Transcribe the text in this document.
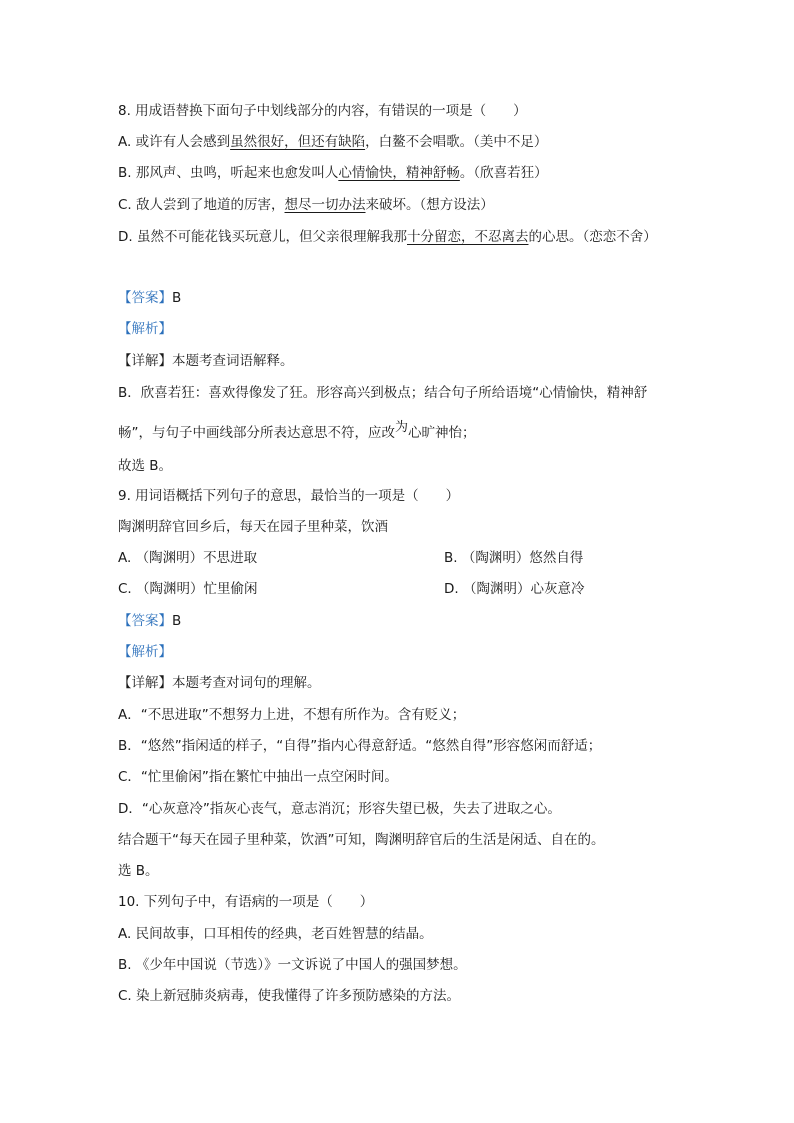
8. 用成语替换下面句子中划线部分的内容，有错误的一项是（　　）
A. 或许有人会感到虽然很好，但还有缺陷，白鳌不会唱歌。（美中不足）
B. 那风声、虫鸣，听起来也愈发叫人心情愉快，精神舒畅。（欣喜若狂）
C. 敌人尝到了地道的厉害，想尽一切办法来破坏。（想方设法）
D. 虽然不可能花钱买玩意儿，但父亲很理解我那十分留恋，不忍离去的心思。（恋恋不舍）
【答案】B
【解析】
【详解】本题考查词语解释。
B．欣喜若狂：喜欢得像发了狂。形容高兴到极点；结合句子所给语境“心情愉快，精神舒
畅”，与句子中画线部分所表达意思不符，应改为心旷神怡；
故选 B。
9. 用词语概括下列句子的意思，最恰当的一项是（　　）
陶渊明辞官回乡后，每天在园子里种菜，饮酒
A. （陶渊明）不思进取	B. （陶渊明）悠然自得
C. （陶渊明）忙里偷闲	D. （陶渊明）心灰意冷
【答案】B
【解析】
【详解】本题考查对词句的理解。
A．“不思进取”不想努力上进，不想有所作为。含有贬义；
B．“悠然”指闲适的样子，“自得”指内心得意舒适。“悠然自得”形容悠闲而舒适；
C．“忙里偷闲”指在繁忙中抽出一点空闲时间。
D．“心灰意冷”指灰心丧气，意志消沉；形容失望已极，失去了进取之心。
结合题干“每天在园子里种菜，饮酒”可知，陶渊明辞官后的生活是闲适、自在的。
选 B。
10. 下列句子中，有语病的一项是（　　）
A. 民间故事，口耳相传的经典，老百姓智慧的结晶。
B. 《少年中国说（节选）》一文诉说了中国人的强国梦想。
C. 染上新冠肺炎病毒，使我懂得了许多预防感染的方法。
